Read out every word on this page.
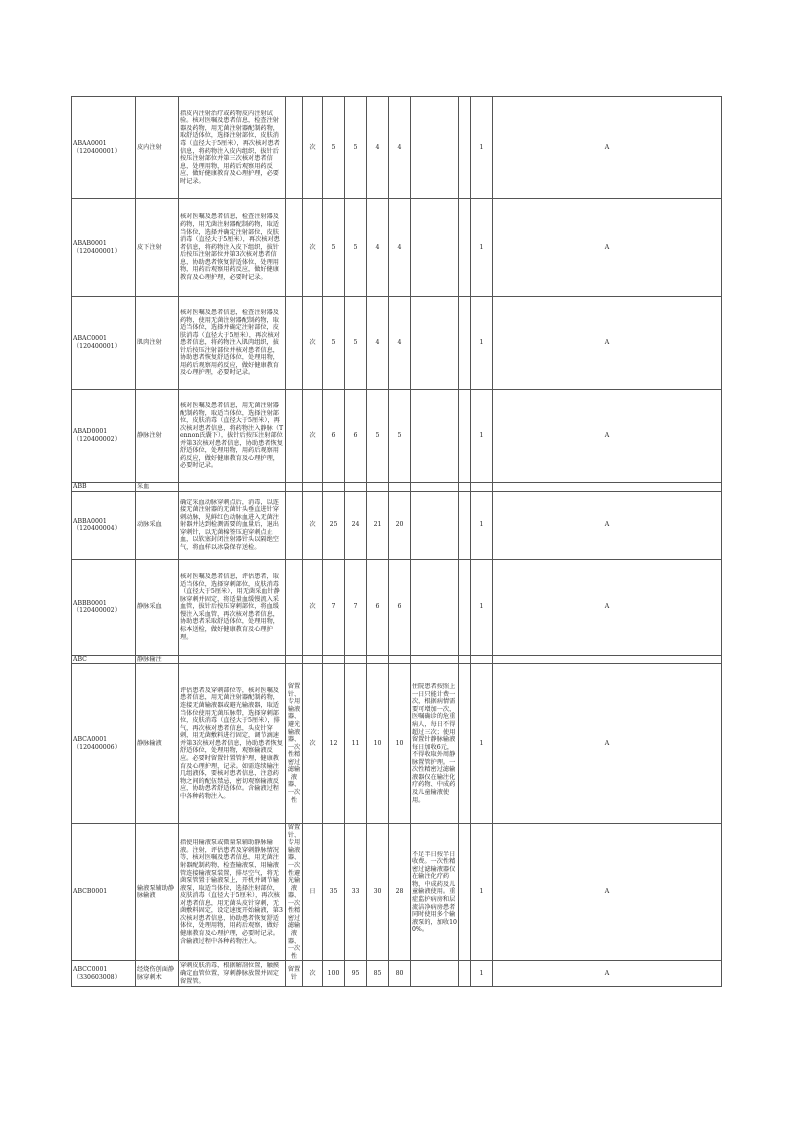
ABAA0001
（120400001）	皮内注射	指皮内注射治疗或药物皮内注射试验。核对医嘱及患者信息，检查注射器及药物，用无菌注射器配制药物，取舒适体位，选择注射部位，皮肤消毒（直径大于5厘米），再次核对患者信息，将药物注入皮内组织，拔针后按压注射部位并第三次核对患者信息，处理用物，用药后观察用药反应，做好健康教育及心理护理，必要时记录。		次	5	5	4	4			1	A
ABAB0001
（120400001）	皮下注射	核对医嘱及患者信息，检查注射器及药物，用无菌注射器配制药物，取适当体位，选择并确定注射部位，皮肤消毒（直径大于5厘米），再次核对患者信息，将药物注入皮下组织，拔针后按压注射部位并第3次核对患者信息，协助患者恢复舒适体位，处理用物，用药后观察用药反应，做好健康教育及心理护理，必要时记录。		次	5	5	4	4			1	A
ABAC0001
（120400001）	肌肉注射	核对医嘱及患者信息，检查注射器及药物，使用无菌注射器配制药物，取适当体位，选择并确定注射部位，皮肤消毒（直径大于5厘米），再次核对患者信息，将药物注入肌肉组织，拔针后按压注射部位并核对患者信息，协助患者恢复舒适体位，处理用物，用药后观察用药反应，做好健康教育及心理护理，必要时记录。		次	5	5	4	4			1	A
ABAD0001
（120400002）	静脉注射	核对医嘱及患者信息，用无菌注射器配制药物，取适当体位，选择注射部位，皮肤消毒（直径大于5厘米），再次核对患者信息，将药物注入静脉（Tennon氏囊下），拔针后按压注射部位并第3次核对患者信息，协助患者恢复舒适体位，处理用物，用药后观察用药反应，做好健康教育及心理护理，必要时记录。		次	6	6	5	5			1	A
ABB	采血											
ABBA0001
（120400004）	动脉采血	确定采血动脉穿刺点后，消毒，以连接无菌注射器的无菌针头垂直进针穿刺动脉，见鲜红色动脉血进入无菌注射器并达到检测需要的血量后，退出穿刺针，以无菌棉签压迫穿刺点止血，以软塞封闭注射器针头以隔绝空气，将血样以冰袋保存送检。		次	25	24	21	20			1	A
ABBB0001
（120400002）	静脉采血	核对医嘱及患者信息，评估患者，取适当体位，选择穿刺部位，皮肤消毒（直径大于5厘米），用无菌采血针静脉穿刺并固定，将适量血缓慢流入采血管，拔针后按压穿刺部位，将血缓慢注入采血管，再次核对患者信息，协助患者采取舒适体位，处理用物，标本送检，做好健康教育及心理护理。		次	7	7	6	6			1	A
ABC	静脉输注											
ABCA0001
（120400006）	静脉输液	评估患者及穿刺部位等，核对医嘱及患者信息，用无菌注射器配制药物，连接无菌输液器或避光输液器，取适当体位使用无菌压脉带，选择穿刺部位，皮肤消毒（直径大于5厘米），排气，再次核对患者信息，头皮针穿刺，用无菌敷料进行固定，调节滴速并第3次核对患者信息，协助患者恢复舒适体位，处理用物，观察输液反应。必要时留置针置管护理，健康教育及心理护理，记录。如需连续输注几组液体，要核对患者信息，注意药物之间的配伍禁忌，密切观察输液反应，协助患者舒适体位。含输液过程中各种药物注入。	留置针、专用输液器、避光输液器、一次性精密过滤输液器、一次性	次	12	11	10	10	住院患者按照上一日只能计费一次，根据病情需要可增加一次，医嘱确诊的危重病人，每日不得超过三次；使用留置针静脉输液每日加收6元，不得收取外周静脉置管护理。一次性精密过滤输液器仅在输注化疗药物、中成药及儿童输液使用。		1	A
ABCB0001	输液泵辅助静脉输液	指使用输液泵或微量泵辅助静脉输液。注射，评估患者及穿刺静脉情况等，核对医嘱及患者信息，用无菌注射器配制药物，检查输液泵，用输液管连接输液泵装置，排尽空气，将无菌泵管置于输液泵上，开机并调节输液泵，取适当体位，选择注射部位，皮肤消毒（直径大于5厘米），再次核对患者信息，用无菌头皮针穿刺，无菌敷料固定，设定速度开始输液，第3次核对患者信息，协助患者恢复舒适体位，处理用物，用药后观察，做好健康教育及心理护理，必要时记录。含输液过程中各种药物注入。	留置针、专用输液器、一次性避光输液器、一次性精密过滤输液器、一次性	日	35	33	30	28	不足半日按半日收费。一次性精密过滤输液器仅在输注化疗药物，中成药及儿童输液使用。重症监护病房和层流洁净病房患者同时使用多个输液泵的，加收100%。		1	A
ABCC0001
（330603008）	经烧伤创面静脉穿刺术	穿刺皮肤消毒，根据解剖位置，触摸确定血管位置，穿刺静脉放置并固定留置管。	留置针	次	100	95	85	80			1	A
